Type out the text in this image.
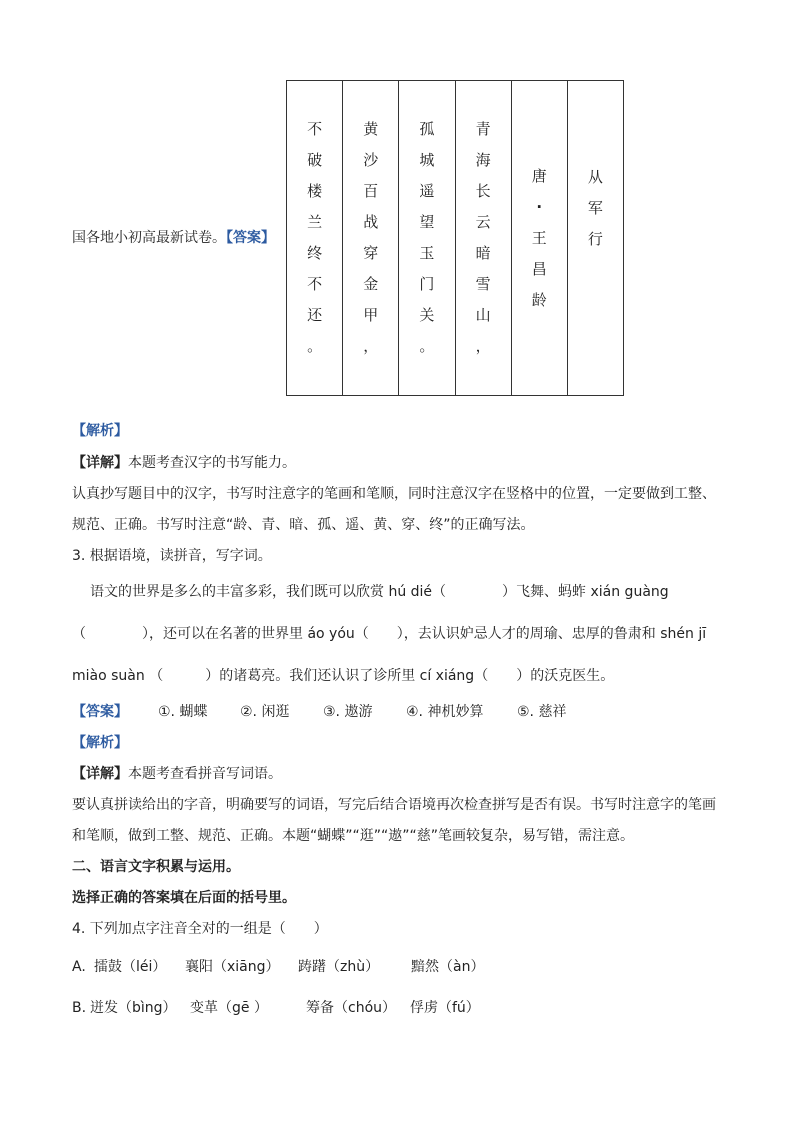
国各地小初高最新试卷。【答案】
不
破
楼
兰
终
不
还
。
黄
沙
百
战
穿
金
甲
，
孤
城
遥
望
玉
门
关
。
青
海
长
云
暗
雪
山
，
唐
·
王
昌
龄
从
军
行
【解析】
【详解】本题考查汉字的书写能力。
认真抄写题目中的汉字，书写时注意字的笔画和笔顺，同时注意汉字在竖格中的位置，一定要做到工整、
规范、正确。书写时注意“龄、青、暗、孤、遥、黄、穿、终”的正确写法。
3. 根据语境，读拼音，写字词。
语文的世界是多么的丰富多彩，我们既可以欣赏 hú dié（　　　　）飞舞、蚂蚱 xián guàng
（　　　　），还可以在名著的世界里 áo yóu（　　），去认识妒忌人才的周瑜、忠厚的鲁肃和 shén jī
miào suàn （　　　）的诸葛亮。我们还认识了诊所里 cí xiáng（　　）的沃克医生。
【答案】 ①. 蝴蝶 ②. 闲逛 ③. 遨游 ④. 神机妙算 ⑤. 慈祥
【解析】
【详解】本题考查看拼音写词语。
要认真拼读给出的字音，明确要写的词语，写完后结合语境再次检查拼写是否有误。书写时注意字的笔画
和笔顺，做到工整、规范、正确。本题“蝴蝶”“逛”“遨”“慈”笔画较复杂，易写错，需注意。
二、语言文字积累与运用。
选择正确的答案填在后面的括号里。
4. 下列加点字注音全对的一组是（　　）
A. 擂鼓（léi） 襄阳（xiāng） 踌躇（zhù） 黯然（àn）
B. 迸发（bìng） 变革（gē ）	筹备（chóu） 俘虏（fú）
